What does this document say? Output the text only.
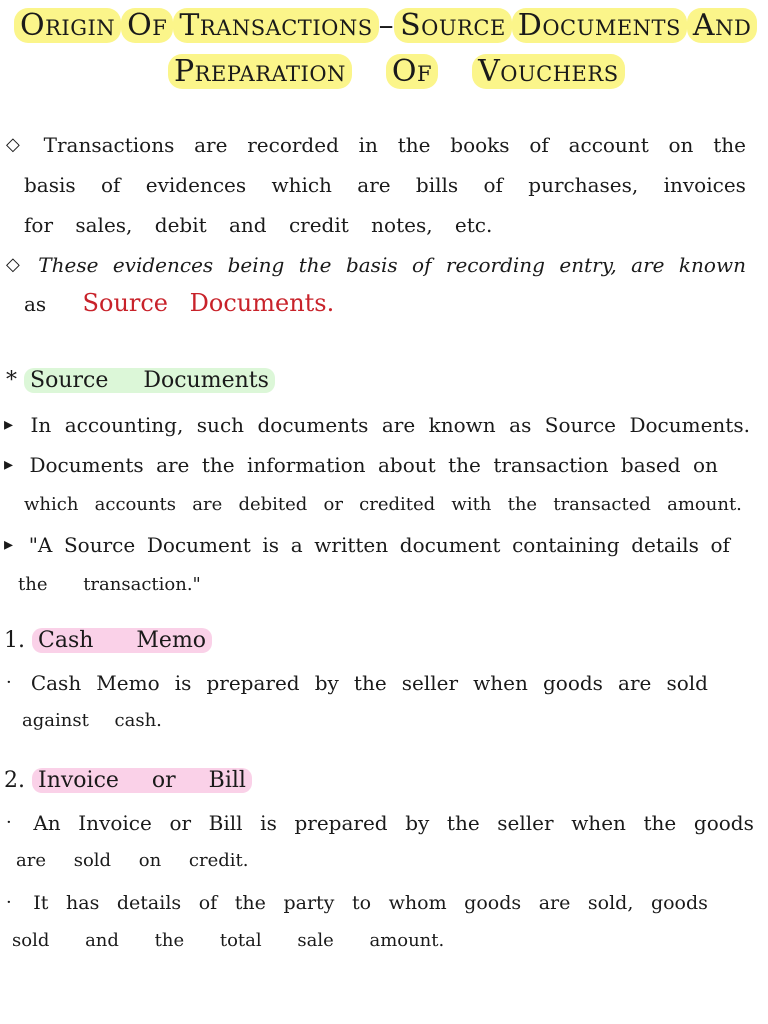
Origin Of Transactions – Source Documents And
Preparation Of Vouchers
◇ Transactions are recorded in the books of account on the
basis of evidences which are bills of purchases, invoices
for sales, debit and credit notes, etc.
◇ These evidences being the basis of recording entry, are known
as Source Documents.
* Source Documents
▸ In accounting, such documents are known as Source Documents.
▸ Documents are the information about the transaction based on
which accounts are debited or credited with the transacted amount.
▸ "A Source Document is a written document containing details of
the transaction."
1. Cash Memo
· Cash Memo is prepared by the seller when goods are sold
against cash.
2. Invoice or Bill
· An Invoice or Bill is prepared by the seller when the goods
are sold on credit.
· It has details of the party to whom goods are sold, goods
sold and the total sale amount.
